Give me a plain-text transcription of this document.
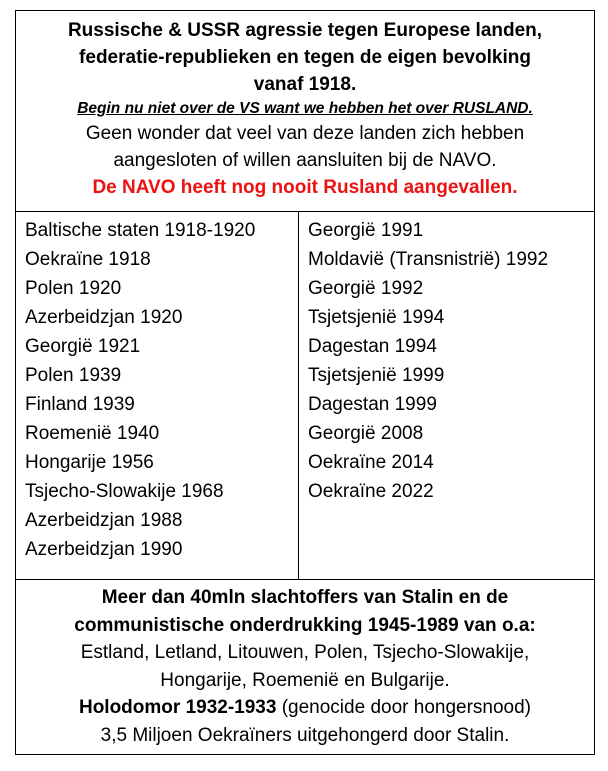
Russische & USSR agressie tegen Europese landen,
federatie-republieken en tegen de eigen bevolking
vanaf 1918.
Begin nu niet over de VS want we hebben het over RUSLAND.
Geen wonder dat veel van deze landen zich hebben
aangesloten of willen aansluiten bij de NAVO.
De NAVO heeft nog nooit Rusland aangevallen.
Baltische staten 1918-1920
Oekraïne 1918
Polen 1920
Azerbeidzjan 1920
Georgië 1921
Polen 1939
Finland 1939
Roemenië 1940
Hongarije 1956
Tsjecho-Slowakije 1968
Azerbeidzjan 1988
Azerbeidzjan 1990
Georgië 1991
Moldavië (Transnistrië) 1992
Georgië 1992
Tsjetsjenië 1994
Dagestan 1994
Tsjetsjenië 1999
Dagestan 1999
Georgië 2008
Oekraïne 2014
Oekraïne 2022
Meer dan 40mln slachtoffers van Stalin en de
communistische onderdrukking 1945-1989 van o.a:
Estland, Letland, Litouwen, Polen, Tsjecho-Slowakije,
Hongarije, Roemenië en Bulgarije.
Holodomor 1932-1933 (genocide door hongersnood)
3,5 Miljoen Oekraïners uitgehongerd door Stalin.
